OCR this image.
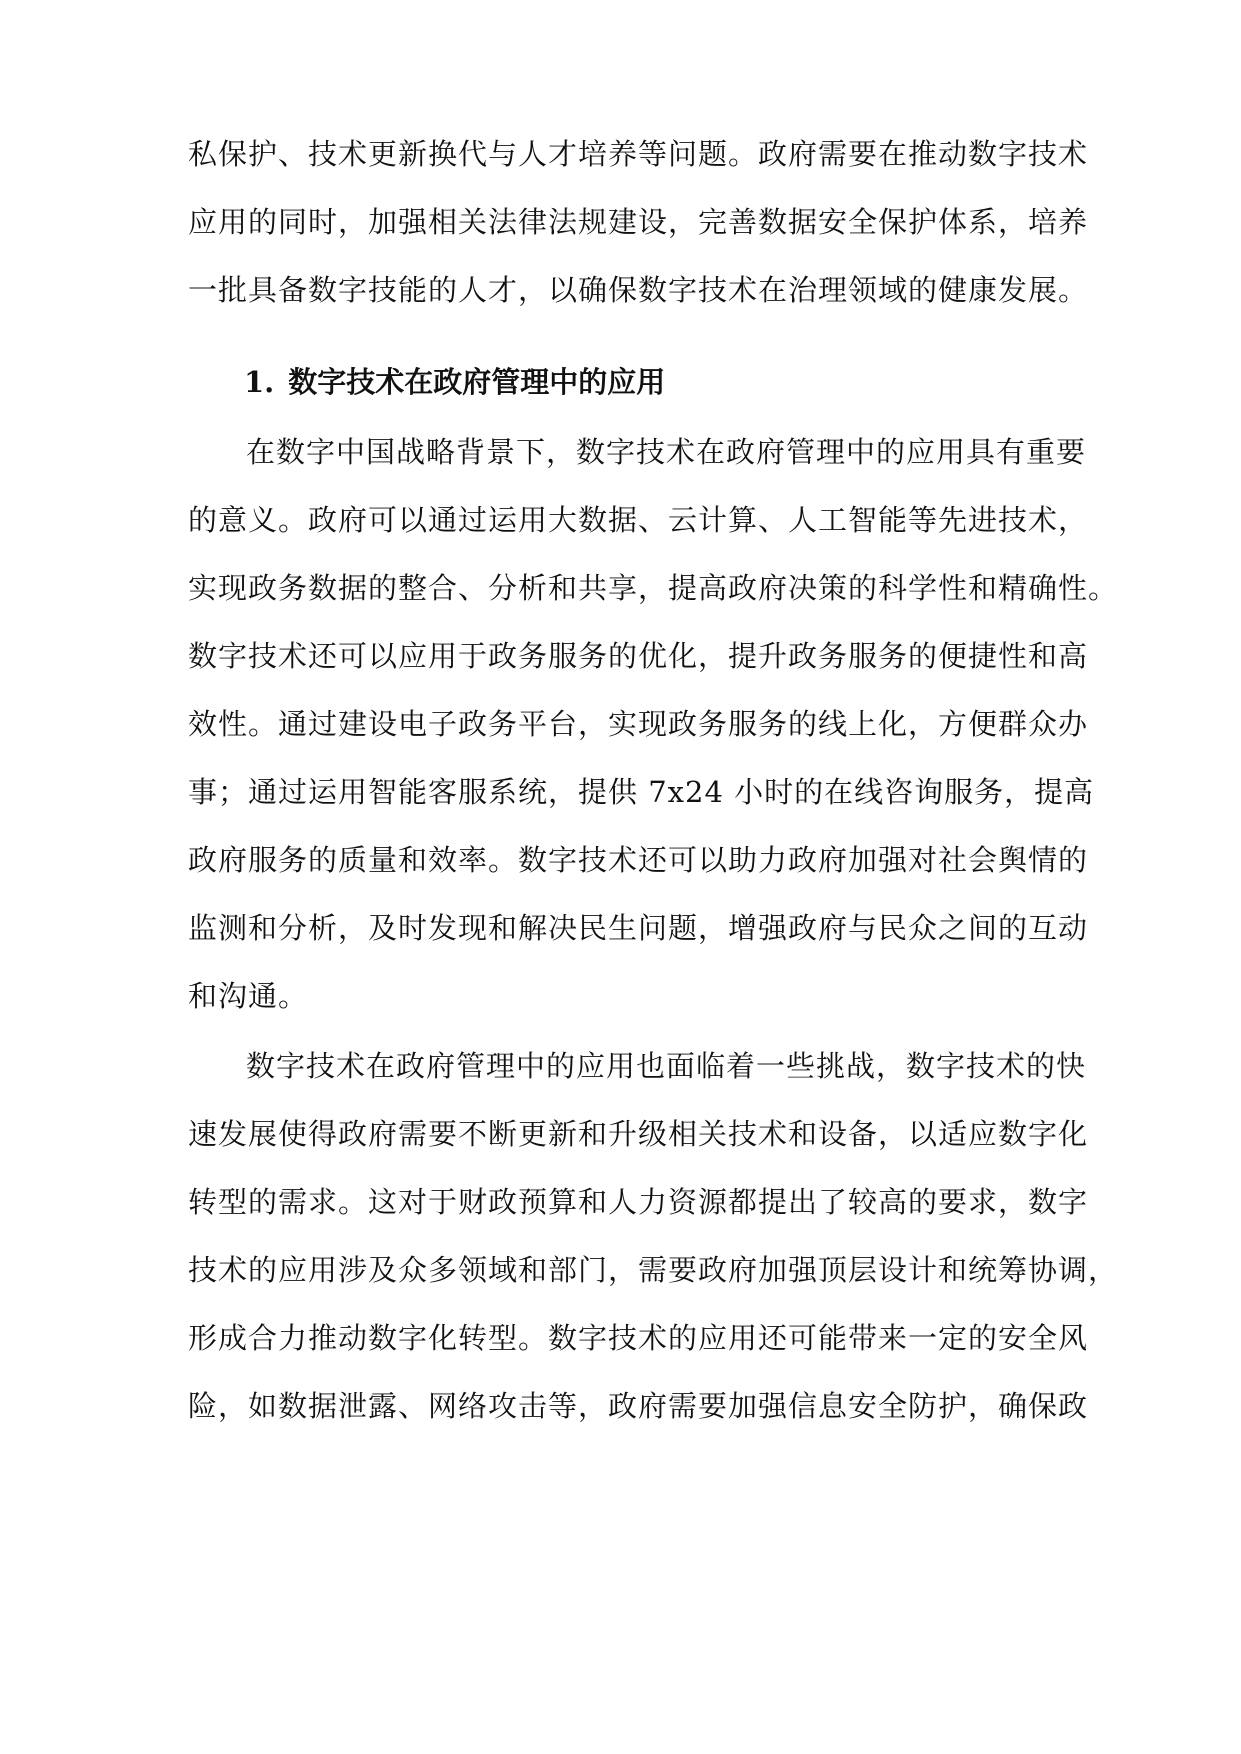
私保护、技术更新换代与人才培养等问题。政府需要在推动数字技术
应用的同时，加强相关法律法规建设，完善数据安全保护体系，培养
一批具备数字技能的人才，以确保数字技术在治理领域的健康发展。
1. 数字技术在政府管理中的应用
在数字中国战略背景下，数字技术在政府管理中的应用具有重要
的意义。政府可以通过运用大数据、云计算、人工智能等先进技术，
实现政务数据的整合、分析和共享，提高政府决策的科学性和精确性。
数字技术还可以应用于政务服务的优化，提升政务服务的便捷性和高
效性。通过建设电子政务平台，实现政务服务的线上化，方便群众办
事；通过运用智能客服系统，提供 7x24 小时的在线咨询服务，提高
政府服务的质量和效率。数字技术还可以助力政府加强对社会舆情的
监测和分析，及时发现和解决民生问题，增强政府与民众之间的互动
和沟通。
数字技术在政府管理中的应用也面临着一些挑战，数字技术的快
速发展使得政府需要不断更新和升级相关技术和设备，以适应数字化
转型的需求。这对于财政预算和人力资源都提出了较高的要求，数字
技术的应用涉及众多领域和部门，需要政府加强顶层设计和统筹协调，
形成合力推动数字化转型。数字技术的应用还可能带来一定的安全风
险，如数据泄露、网络攻击等，政府需要加强信息安全防护，确保政
